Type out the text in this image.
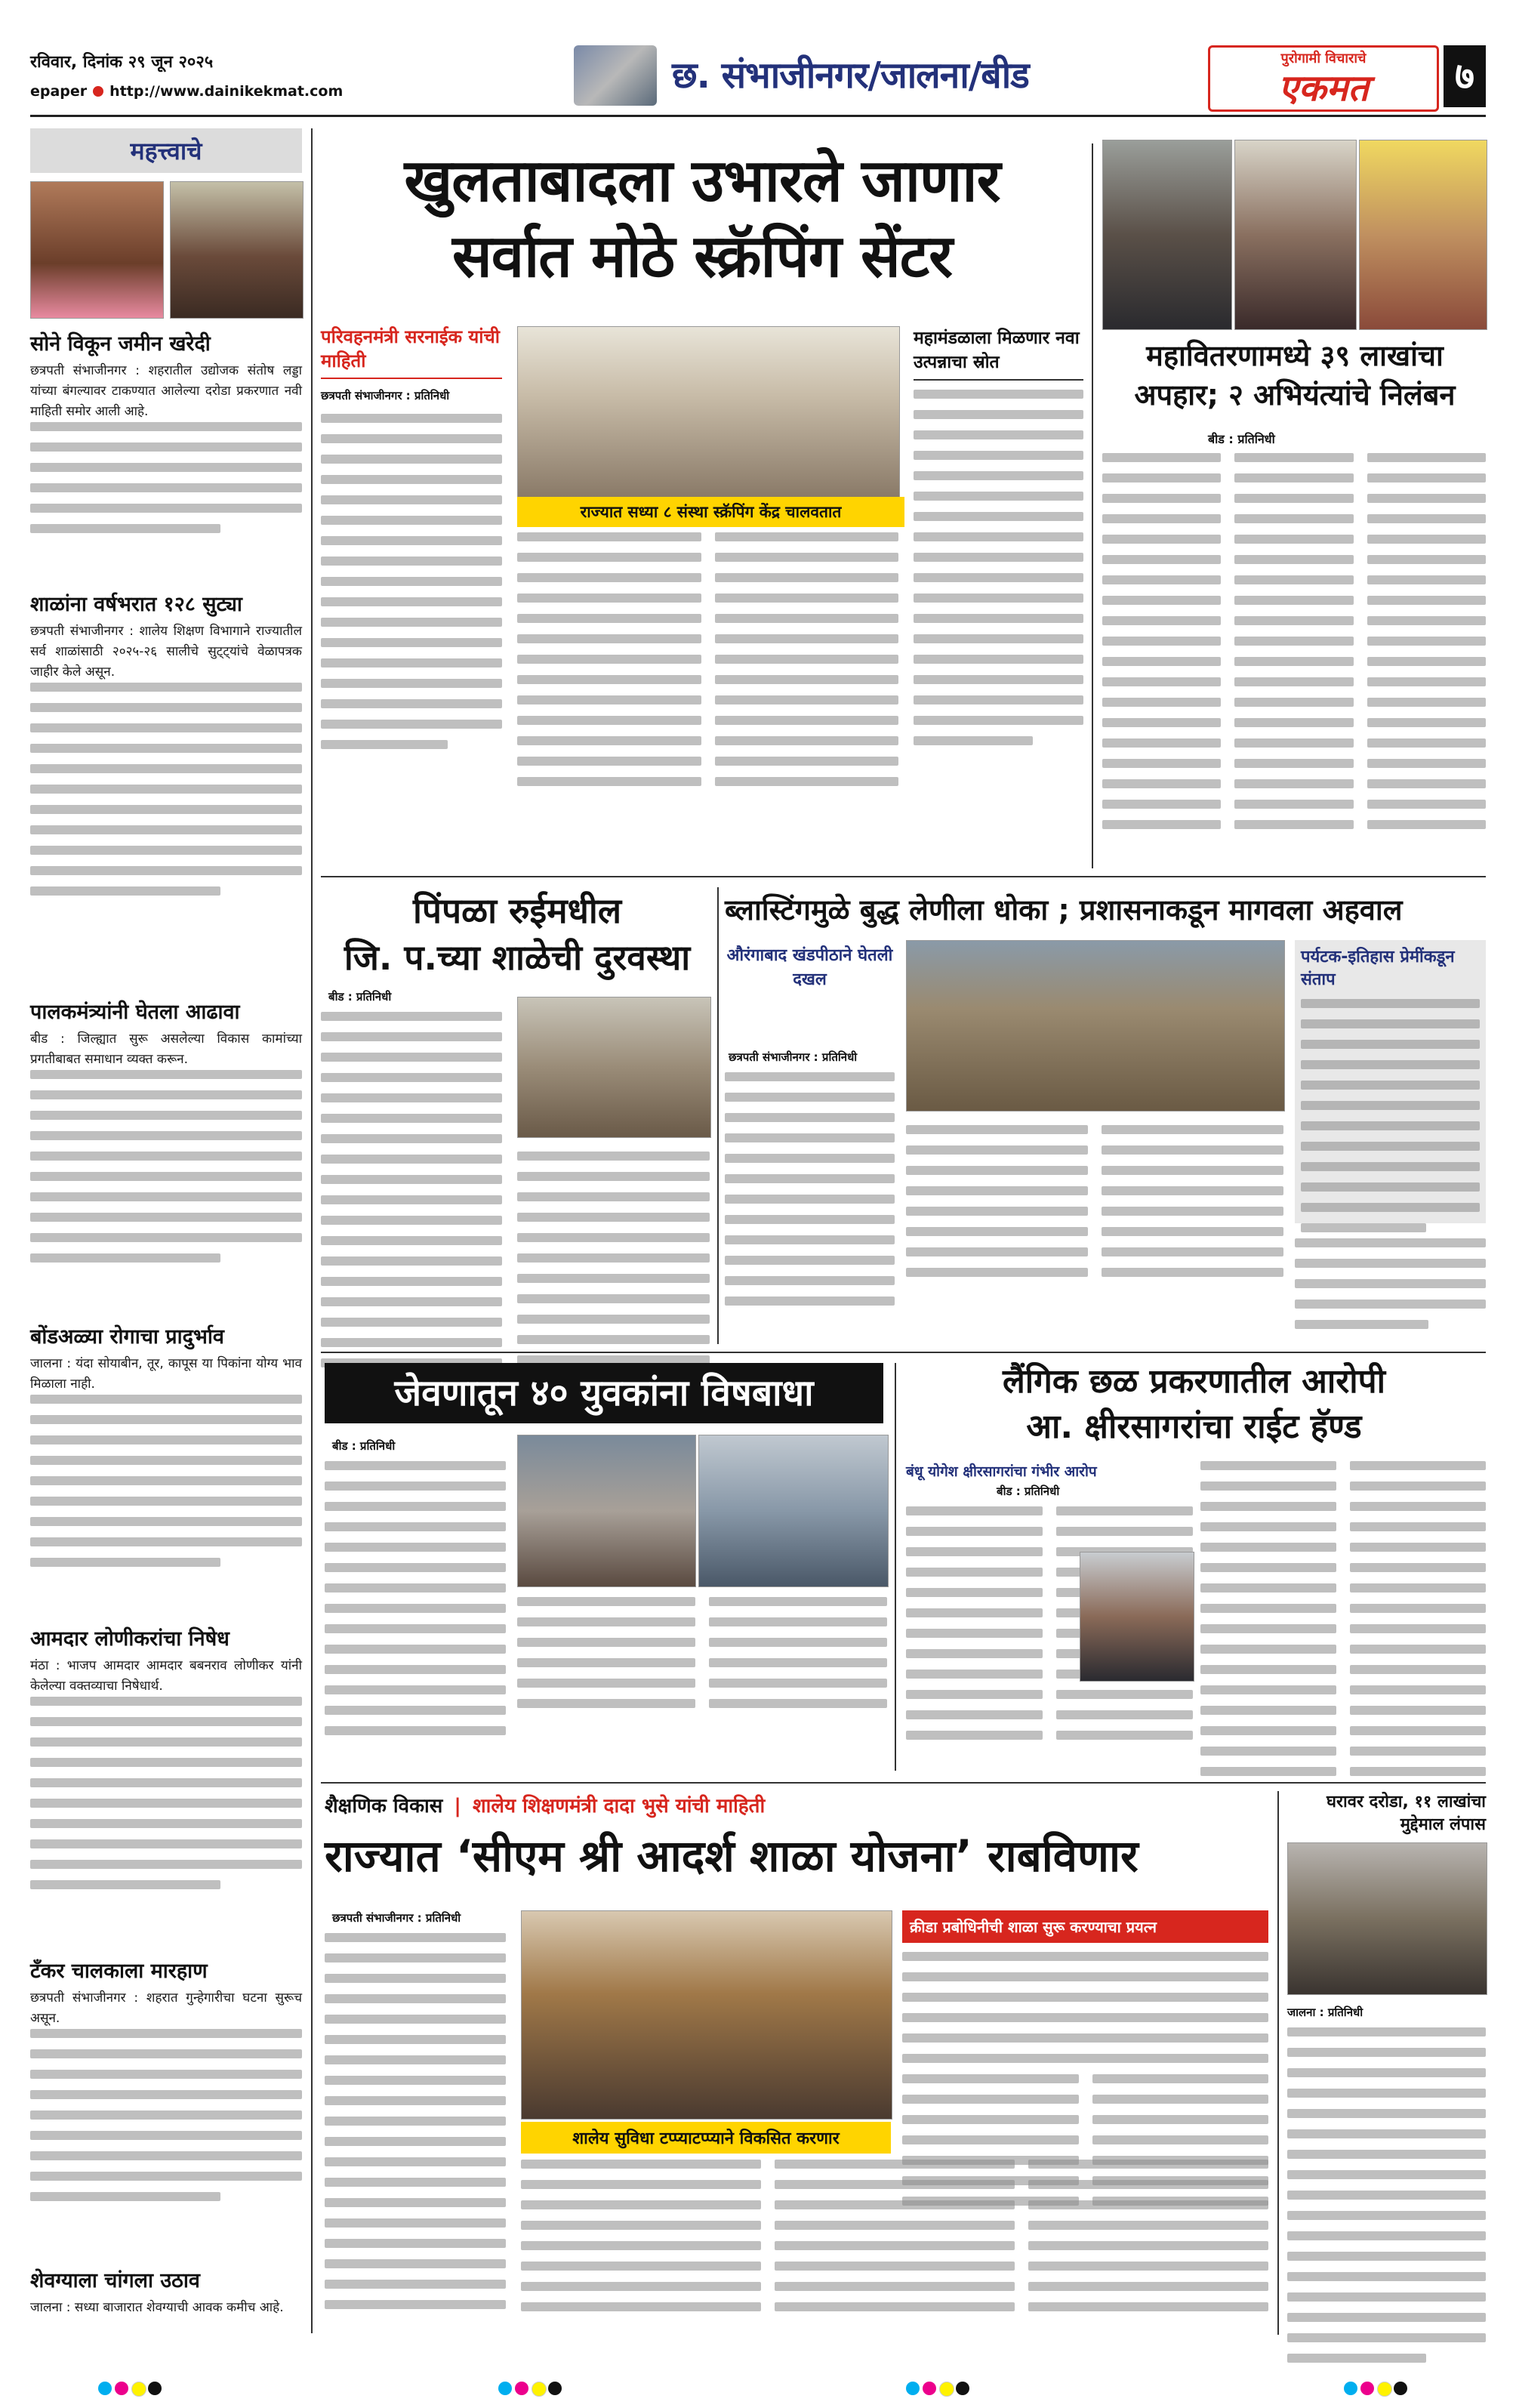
रविवार, दिनांक २९ जून २०२५
epaper http://www.dainikekmat.com	छ. संभाजीनगर/जालना/बीड	पुरोगामी विचाराचे
एकमत	७
महत्त्वाचे
सोने विकून जमीन खरेदी
छत्रपती संभाजीनगर : शहरातील उद्योजक संतोष लड्डा यांच्या बंगल्यावर टाकण्यात आलेल्या दरोडा प्रकरणात नवी माहिती समोर आली आहे.
शाळांना वर्षभरात १२८ सुट्या
छत्रपती संभाजीनगर : शालेय शिक्षण विभागाने राज्यातील सर्व शाळांसाठी २०२५-२६ सालीचे सुट्ट्यांचे वेळापत्रक जाहीर केले असून.
पालकमंत्र्यांनी घेतला आढावा
बीड : जिल्ह्यात सुरू असलेल्या विकास कामांच्या प्रगतीबाबत समाधान व्यक्त करून.
बोंडअळ्या रोगाचा प्रादुर्भाव
जालना : यंदा सोयाबीन, तूर, कापूस या पिकांना योग्य भाव मिळाला नाही.
आमदार लोणीकरांचा निषेध
मंठा : भाजप आमदार आमदार बबनराव लोणीकर यांनी केलेल्या वक्तव्याचा निषेधार्थ.
टँकर चालकाला मारहाण
छत्रपती संभाजीनगर : शहरात गुन्हेगारीचा घटना सुरूच असून.
शेवग्याला चांगला उठाव
जालना : सध्या बाजारात शेवग्याची आवक कमीच आहे.
खुलताबादला उभारले जाणार
सर्वात मोठे स्क्रॅपिंग सेंटर
परिवहनमंत्री सरनाईक यांची माहिती
छत्रपती संभाजीनगर : प्रतिनिधी
राज्यात सध्या ८ संस्था स्क्रॅपिंग केंद्र चालवतात
महामंडळाला मिळणार नवा उत्पन्नाचा स्रोत	महावितरणामध्ये ३९ लाखांचा अपहार; २ अभियंत्यांचे निलंबन
बीड : प्रतिनिधी
पिंपळा रुईमधील
जि. प.च्या शाळेची दुरवस्था
बीड : प्रतिनिधी
ब्लास्टिंगमुळे बुद्ध लेणीला धोका ; प्रशासनाकडून मागवला अहवाल
औरंगाबाद खंडपीठाने घेतली दखल
छत्रपती संभाजीनगर : प्रतिनिधी
पर्यटक-इतिहास प्रेमींकडून संताप
जेवणातून ४० युवकांना विषबाधा
बीड : प्रतिनिधी
लैंगिक छळ प्रकरणातील आरोपी
आ. क्षीरसागरांचा राईट हॅण्ड
बंधू योगेश क्षीरसागरांचा गंभीर आरोप
बीड : प्रतिनिधी
शैक्षणिक विकास | शालेय शिक्षणमंत्री दादा भुसे यांची माहिती
राज्यात ‘सीएम श्री आदर्श शाळा योजना’ राबविणार
छत्रपती संभाजीनगर : प्रतिनिधी
शालेय सुविधा टप्प्याटप्प्याने विकसित करणार
क्रीडा प्रबोधिनीची शाळा सुरू करण्याचा प्रयत्न
घरावर दरोडा, ११ लाखांचा मुद्देमाल लंपास
जालना : प्रतिनिधी
